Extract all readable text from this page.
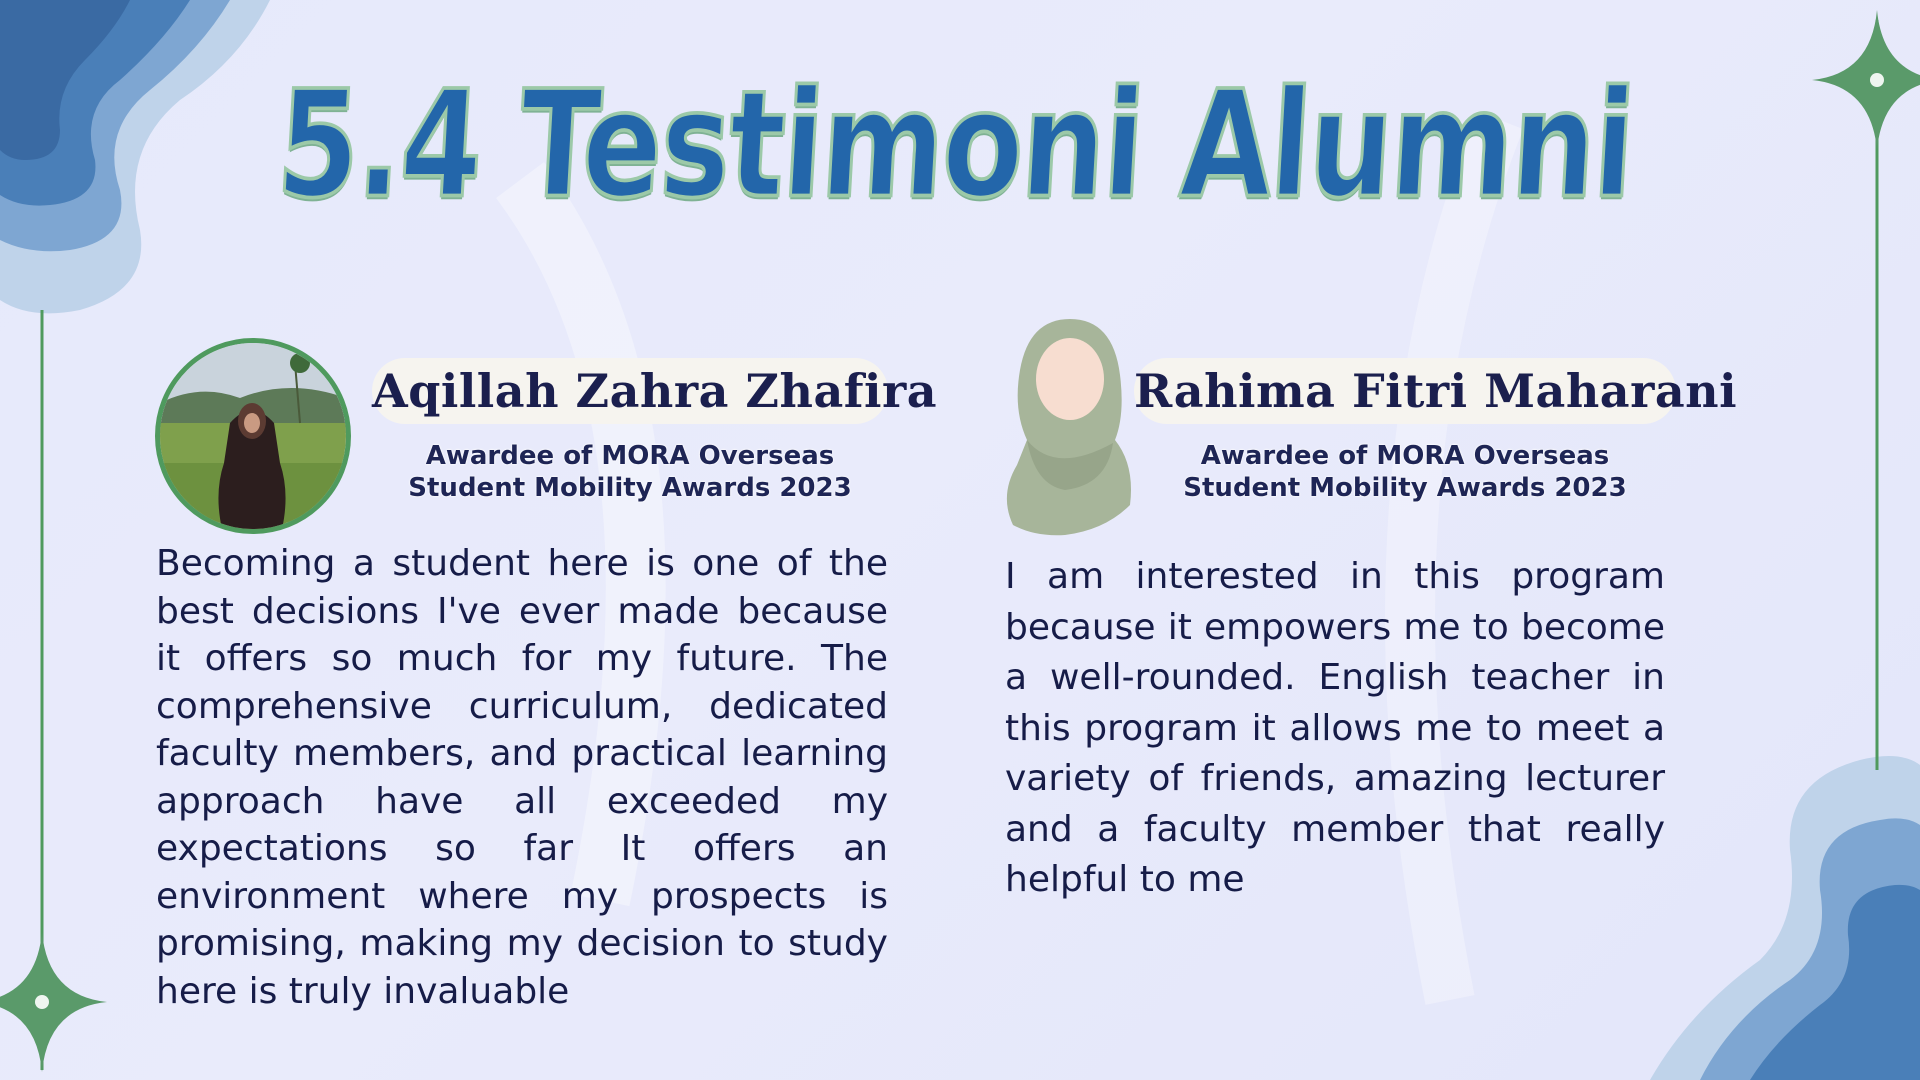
5.4 Testimoni Alumni
Aqillah Zahra Zhafira
Awardee of MORA Overseas
Student Mobility Awards 2023
Becoming a student here is one of the best decisions I've ever made because it offers so much for my future. The comprehensive curriculum, dedicated faculty members, and practical learning approach have all exceeded my expectations so far It offers an environment where my prospects is promising, making my decision to study here is truly invaluable
Rahima Fitri Maharani
Awardee of MORA Overseas
Student Mobility Awards 2023
I am interested in this program because it empowers me to become a well-rounded. English teacher in this program it allows me to meet a variety of friends, amazing lecturer and a faculty member that really helpful to me
